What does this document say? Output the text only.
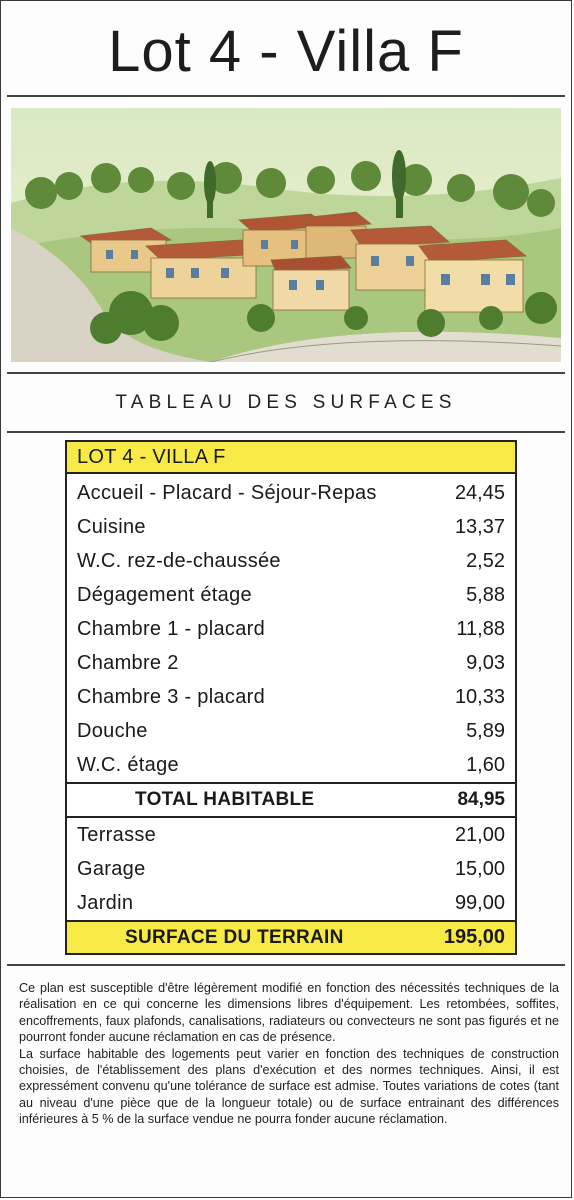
Lot 4 - Villa F
TABLEAU DES SURFACES
LOT 4 - VILLA F
Accueil - Placard - Séjour-Repas	24,45
Cuisine	13,37
W.C. rez-de-chaussée	2,52
Dégagement étage	5,88
Chambre 1 - placard	11,88
Chambre 2	9,03
Chambre 3 - placard	10,33
Douche	5,89
W.C. étage	1,60
TOTAL HABITABLE	84,95
Terrasse	21,00
Garage	15,00
Jardin	99,00
SURFACE DU TERRAIN	195,00

Ce plan est susceptible d'être légèrement modifié en fonction des nécessités techniques de la réalisation en ce qui concerne les dimensions libres d'équipement. Les retombées, soffites, encoffrements, faux plafonds, canalisations, radiateurs ou convecteurs ne sont pas figurés et ne pourront fonder aucune réclamation en cas de présence.

La surface habitable des logements peut varier en fonction des techniques de construction choisies, de l'établissement des plans d'exécution et des normes techniques. Ainsi, il est expressément convenu qu'une tolérance de surface est admise. Toutes variations de cotes (tant au niveau d'une pièce que de la longueur totale) ou de surface entrainant des différences inférieures à 5 % de la surface vendue ne pourra fonder aucune réclamation.
